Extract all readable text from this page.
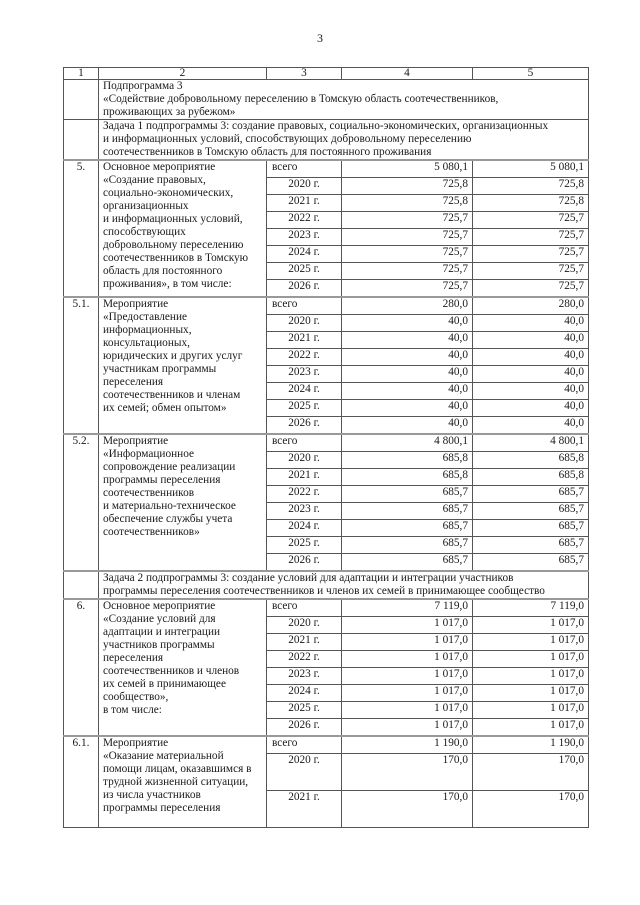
3
1	2	3	4	5

	Подпрограмма 3
«Содействие добровольному переселению в Томскую область соотечественников,
проживающих за рубежом»			

	Задача 1 подпрограммы 3: создание правовых, социально-экономических, организационных
и информационных условий, способствующих добровольному переселению
соотечественников в Томскую область для постоянного проживания			

5.	Основное мероприятие
«Создание правовых,
социально-экономических,
организационных
и информационных условий,
способствующих
добровольному переселению
соотечественников в Томскую
область для постоянного
проживания», в том числе:
	всего	5 080,1	5 080,1
		2020 г.	725,8	725,8
		2021 г.	725,8	725,8
		2022 г.	725,7	725,7
		2023 г.	725,7	725,7
		2024 г.	725,7	725,7
		2025 г.	725,7	725,7
		2026 г.	725,7	725,7
5.1.	Мероприятие
«Предоставление
информационных,
консультационых,
юридических и других услуг
участникам программы
переселения
соотечественников и членам
их семей; обмен опытом»
	всего	280,0	280,0
		2020 г.	40,0	40,0
		2021 г.	40,0	40,0
		2022 г.	40,0	40,0
		2023 г.	40,0	40,0
		2024 г.	40,0	40,0
		2025 г.	40,0	40,0
		2026 г.	40,0	40,0
5.2.	Мероприятие
«Информационное
сопровождение реализации
программы переселения
соотечественников
и материально-техническое
обеспечение службы учета
соотечественников»
	всего	4 800,1	4 800,1
		2020 г.	685,8	685,8
		2021 г.	685,8	685,8
		2022 г.	685,7	685,7
		2023 г.	685,7	685,7
		2024 г.	685,7	685,7
		2025 г.	685,7	685,7
		2026 г.	685,7	685,7

	Задача 2 подпрограммы 3: создание условий для адаптации и интеграции участников
программы переселения соотечественников и членов их семей в принимающее сообщество			

6.	Основное мероприятие
«Создание условий для
адаптации и интеграции
участников программы
переселения
соотечественников и членов
их семей в принимающее
сообщество»,
в том числе:
	всего	7 119,0	7 119,0
		2020 г.	1 017,0	1 017,0
		2021 г.	1 017,0	1 017,0
		2022 г.	1 017,0	1 017,0
		2023 г.	1 017,0	1 017,0
		2024 г.	1 017,0	1 017,0
		2025 г.	1 017,0	1 017,0
		2026 г.	1 017,0	1 017,0
6.1.	Мероприятие
«Оказание материальной
помощи лицам, оказавшимся в
трудной жизненной ситуации,
из числа участников
программы переселения
	всего	1 190,0	1 190,0
		2020 г.	170,0	170,0
		2021 г.	170,0	170,0
